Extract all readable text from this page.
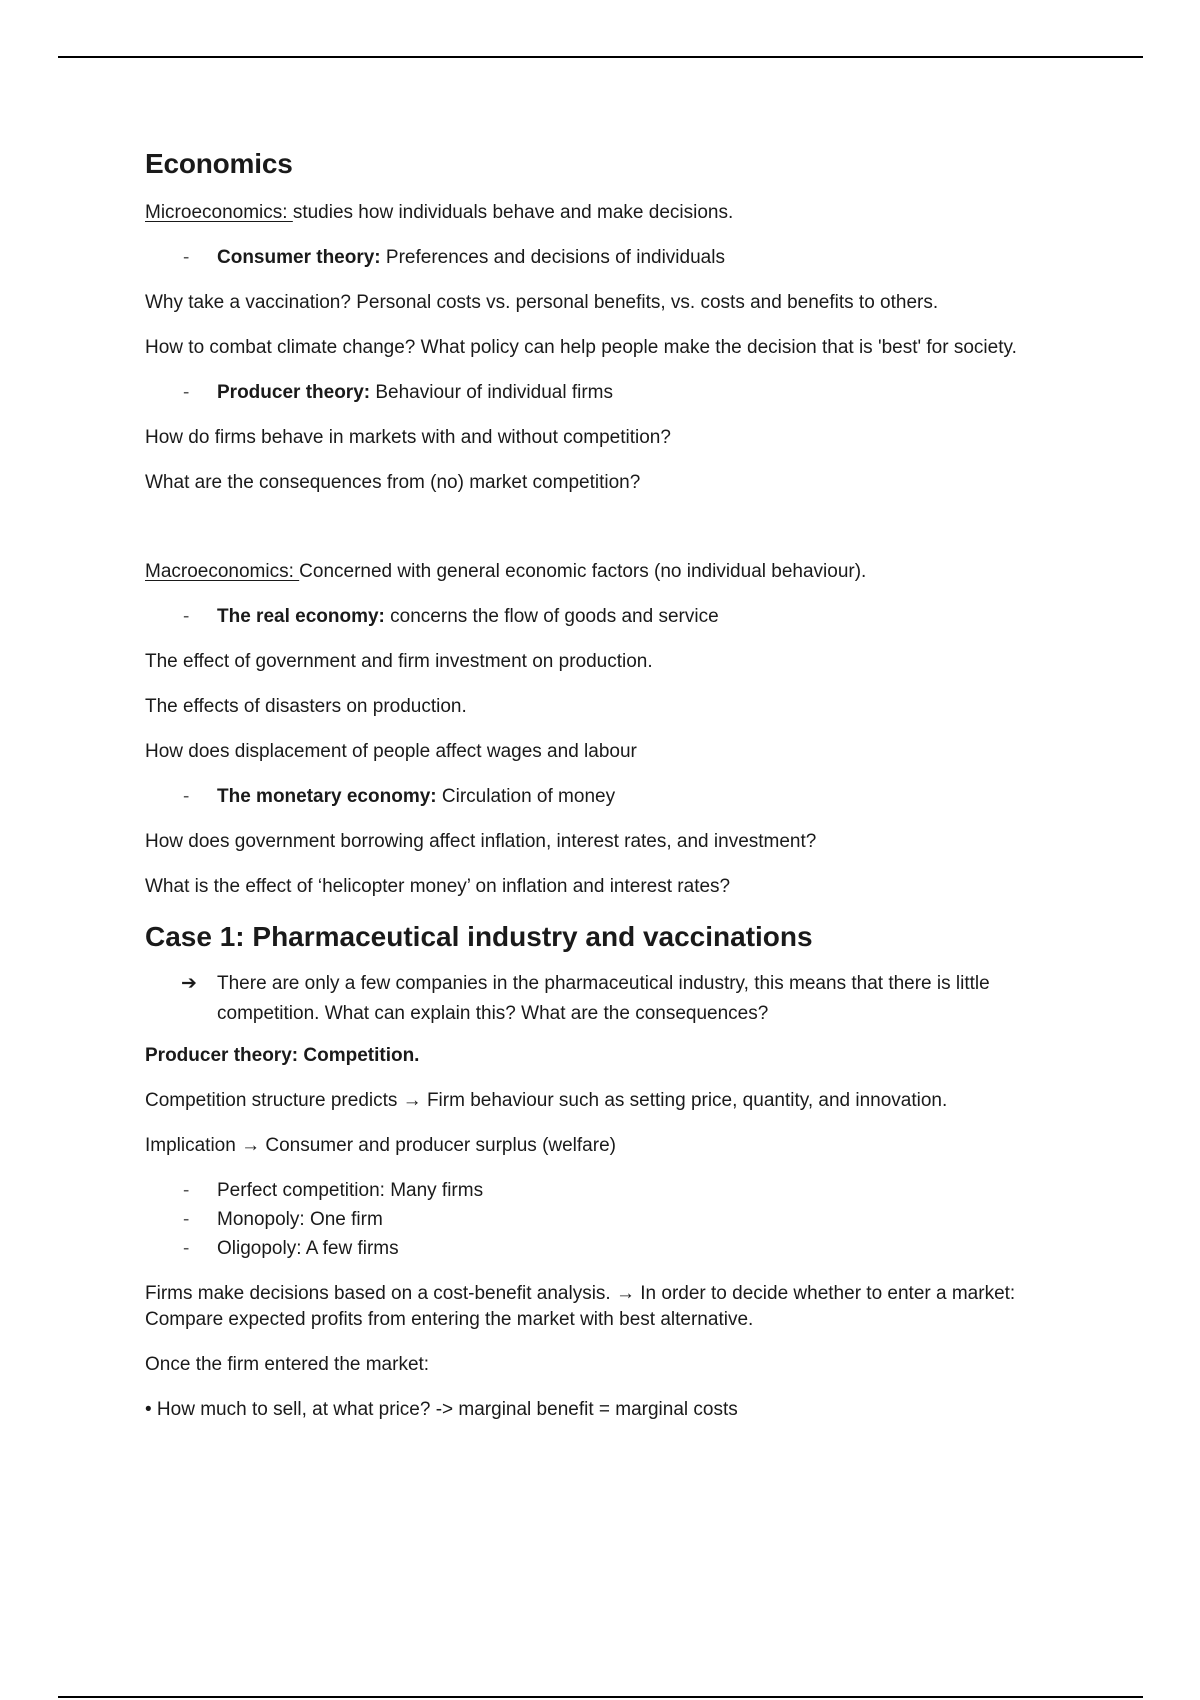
Economics
Microeconomics: studies how individuals behave and make decisions.
-	Consumer theory: Preferences and decisions of individuals
Why take a vaccination? Personal costs vs. personal benefits, vs. costs and benefits to others.
How to combat climate change? What policy can help people make the decision that is 'best' for society.
-	Producer theory: Behaviour of individual firms
How do firms behave in markets with and without competition?
What are the consequences from (no) market competition?
Macroeconomics: Concerned with general economic factors (no individual behaviour).
-	The real economy: concerns the flow of goods and service
The effect of government and firm investment on production.
The effects of disasters on production.
How does displacement of people affect wages and labour
-	The monetary economy: Circulation of money
How does government borrowing affect inflation, interest rates, and investment?
What is the effect of ‘helicopter money’ on inflation and interest rates?
Case 1: Pharmaceutical industry and vaccinations
➔ There are only a few companies in the pharmaceutical industry, this means that there is little
competition. What can explain this? What are the consequences?
Producer theory: Competition.
Competition structure predicts → Firm behaviour such as setting price, quantity, and innovation.
Implication → Consumer and producer surplus (welfare)
-	Perfect competition: Many firms
-	Monopoly: One firm
-	Oligopoly: A few firms
Firms make decisions based on a cost-benefit analysis. → In order to decide whether to enter a market:
Compare expected profits from entering the market with best alternative.
Once the firm entered the market:
• How much to sell, at what price? -> marginal benefit = marginal costs
